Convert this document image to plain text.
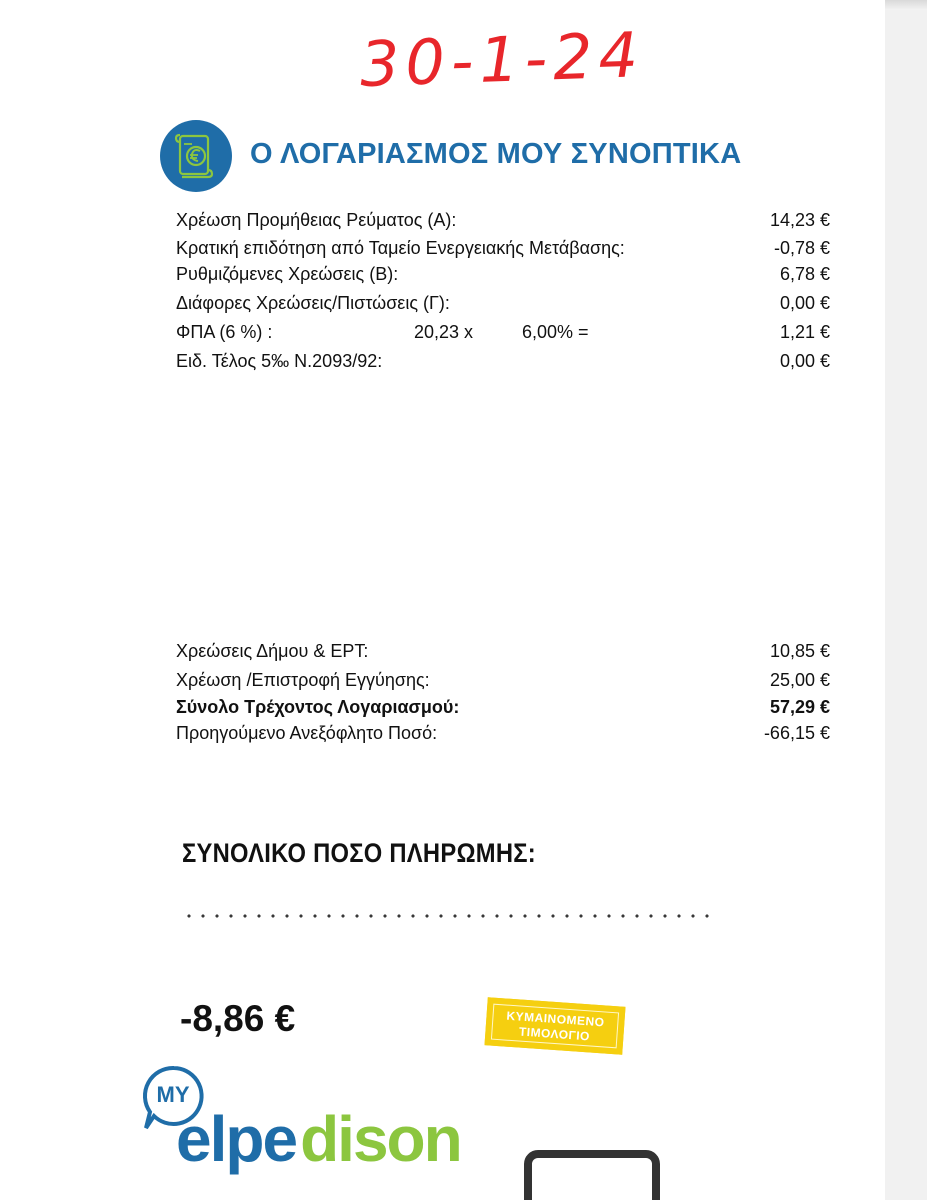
30-1-24
Ο ΛΟΓΑΡΙΑΣΜΟΣ ΜΟΥ ΣΥΝΟΠΤΙΚΑ
Χρέωση Προμήθειας Ρεύματος (Α):	14,23 €
Κρατική επιδότηση από Ταμείο Ενεργειακής Μετάβασης:	-0,78 €
Ρυθμιζόμενες Χρεώσεις (Β):	6,78 €
Διάφορες Χρεώσεις/Πιστώσεις (Γ):	0,00 €
ΦΠΑ (6 %) :	20,23 x	6,00% =	1,21 €
Ειδ. Τέλος 5‰ Ν.2093/92:	0,00 €
Χρεώσεις Δήμου & ΕΡΤ:	10,85 €
Χρέωση /Επιστροφή Εγγύησης:	25,00 €
Σύνολο Τρέχοντος Λογαριασμού:	57,29 €
Προηγούμενο Ανεξόφλητο Ποσό:	-66,15 €
ΣΥΝΟΛΙΚΟ ΠΟΣΟ ΠΛΗΡΩΜΗΣ:
-8,86 €	ΚΥΜΑΙΝΟΜΕΝΟ
ΤΙΜΟΛΟΓΙΟ
MY
elpedison
